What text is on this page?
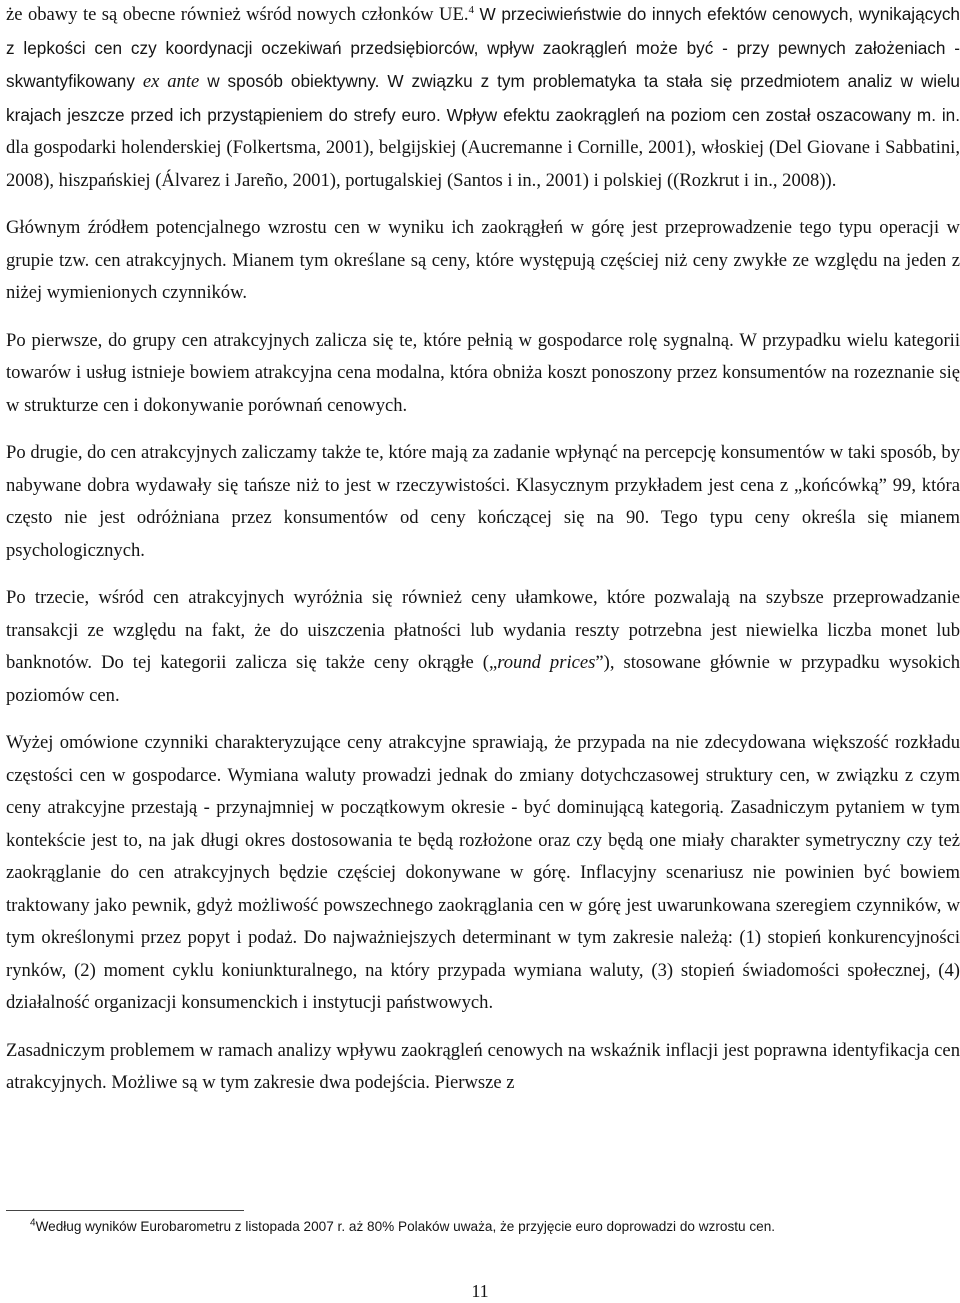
że obawy te są obecne również wśród nowych członków UE.$^4$ W przeciwieństwie do innych efektów cenowych, wynikających z lepkości cen czy koordynacji oczekiwań przedsiębiorców, wpływ zaokrągleń może być - przy pewnych założeniach - skwantyfikowany ex ante w sposób obiektywny. W związku z tym problematyka ta stała się przedmiotem analiz w wielu krajach jeszcze przed ich przystąpieniem do strefy euro. Wpływ efektu zaokrągleń na poziom cen został oszacowany m. in. dla gospodarki holenderskiej (Folkertsma, 2001), belgijskiej (Aucremanne i Cornille, 2001), włoskiej (Del Giovane i Sabbatini, 2008), hiszpańskiej (Álvarez i Jareño, 2001), portugalskiej (Santos i in., 2001) i polskiej ((Rozkrut i in., 2008)).

Głównym źródłem potencjalnego wzrostu cen w wyniku ich zaokrągłeń w górę jest przeprowadzenie tego typu operacji w grupie tzw. cen atrakcyjnych. Mianem tym określane są ceny, które występują częściej niż ceny zwykłe ze względu na jeden z niżej wymienionych czynników.

Po pierwsze, do grupy cen atrakcyjnych zalicza się te, które pełnią w gospodarce rolę sygnalną. W przypadku wielu kategorii towarów i usług istnieje bowiem atrakcyjna cena modalna, która obniża koszt ponoszony przez konsumentów na rozeznanie się w strukturze cen i dokonywanie porównań cenowych.

Po drugie, do cen atrakcyjnych zaliczamy także te, które mają za zadanie wpłynąć na percepcję konsumentów w taki sposób, by nabywane dobra wydawały się tańsze niż to jest w rzeczywistości. Klasycznym przykładem jest cena z „końcówką” 99, która często nie jest odróżniana przez konsumentów od ceny kończącej się na 90. Tego typu ceny określa się mianem psychologicznych.

Po trzecie, wśród cen atrakcyjnych wyróżnia się również ceny ułamkowe, które pozwalają na szybsze przeprowadzanie transakcji ze względu na fakt, że do uiszczenia płatności lub wydania reszty potrzebna jest niewielka liczba monet lub banknotów. Do tej kategorii zalicza się także ceny okrągłe („round prices”), stosowane głównie w przypadku wysokich poziomów cen.

Wyżej omówione czynniki charakteryzujące ceny atrakcyjne sprawiają, że przypada na nie zdecydowana większość rozkładu częstości cen w gospodarce. Wymiana waluty prowadzi jednak do zmiany dotychczasowej struktury cen, w związku z czym ceny atrakcyjne przestają - przynajmniej w początkowym okresie - być dominującą kategorią. Zasadniczym pytaniem w tym kontekście jest to, na jak długi okres dostosowania te będą rozłożone oraz czy będą one miały charakter symetryczny czy też zaokrąglanie do cen atrakcyjnych będzie częściej dokonywane w górę. Inflacyjny scenariusz nie powinien być bowiem traktowany jako pewnik, gdyż możliwość powszechnego zaokrąglania cen w górę jest uwarunkowana szeregiem czynników, w tym określonymi przez popyt i podaż. Do najważniejszych determinant w tym zakresie należą: (1) stopień konkurencyjności rynków, (2) moment cyklu koniunkturalnego, na który przypada wymiana waluty, (3) stopień świadomości społecznej, (4) działalność organizacji konsumenckich i instytucji państwowych.

Zasadniczym problemem w ramach analizy wpływu zaokrągleń cenowych na wskaźnik inflacji jest poprawna identyfikacja cen atrakcyjnych. Możliwe są w tym zakresie dwa podejścia. Pierwsze z

$^4$Według wyników Eurobarometru z listopada 2007 r. aż 80% Polaków uważa, że przyjęcie euro doprowadzi do wzrostu cen.
11
